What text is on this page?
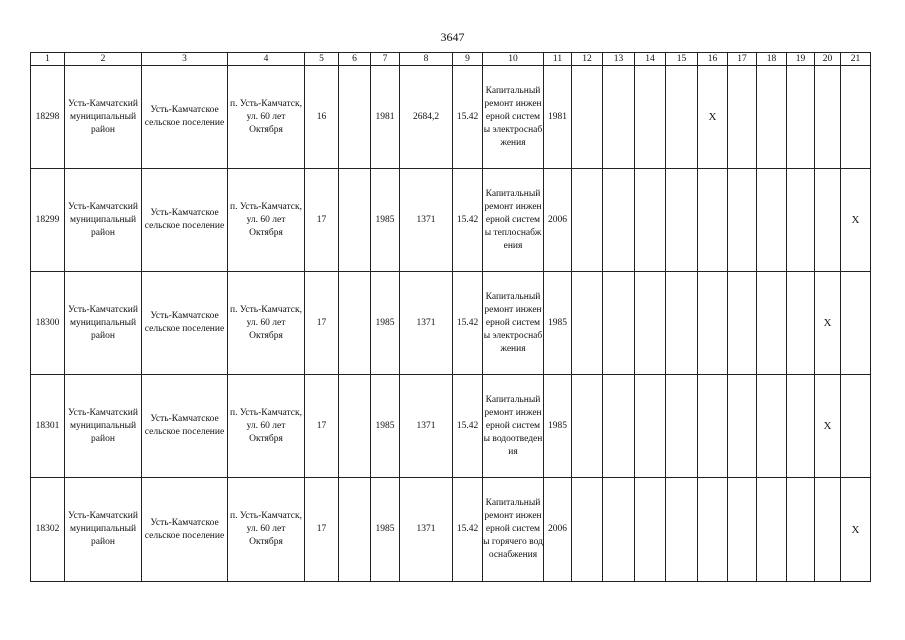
3647
1	2	3	4	5	6	7	8	9	10	11	12	13	14	15	16	17	18	19	20	21

18298	Усть-Камчатский муниципальный район	Усть-Камчатское сельское поселение	п. Усть-Камчатск, ул. 60 лет Октября	16		1981	2684,2	15.42	Капитальный ремонт инженерной системы электроснабжения	1981					X					

18299	Усть-Камчатский муниципальный район	Усть-Камчатское сельское поселение	п. Усть-Камчатск, ул. 60 лет Октября	17		1985	1371	15.42	Капитальный ремонт инженерной системы теплоснабжения	2006										X

18300	Усть-Камчатский муниципальный район	Усть-Камчатское сельское поселение	п. Усть-Камчатск, ул. 60 лет Октября	17		1985	1371	15.42	Капитальный ремонт инженерной системы электроснабжения	1985									X	

18301	Усть-Камчатский муниципальный район	Усть-Камчатское сельское поселение	п. Усть-Камчатск, ул. 60 лет Октября	17		1985	1371	15.42	Капитальный ремонт инженерной системы водоотведения	1985									X	

18302	Усть-Камчатский муниципальный район	Усть-Камчатское сельское поселение	п. Усть-Камчатск, ул. 60 лет Октября	17		1985	1371	15.42	Капитальный ремонт инженерной системы горячего водоснабжения	2006										X
